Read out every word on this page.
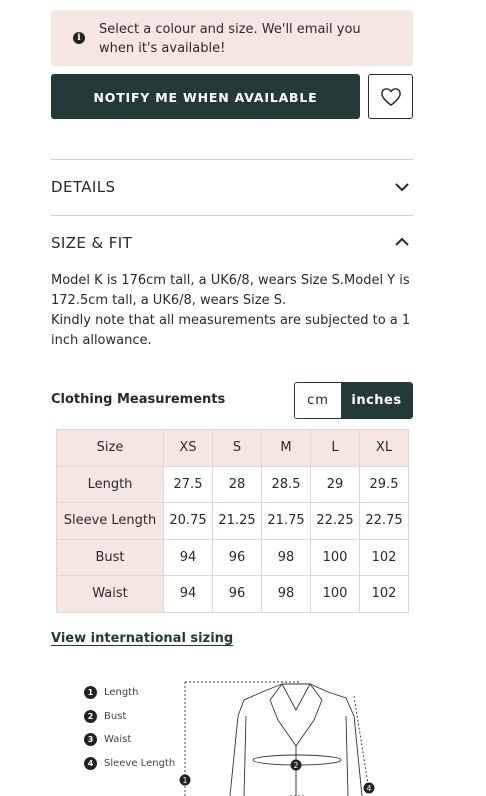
i
Select a colour and size. We'll email you when it's available!
NOTIFY ME WHEN AVAILABLE
DETAILS
SIZE & FIT
Model K is 176cm tall, a UK6/8, wears Size S.Model Y is 172.5cm tall, a UK6/8, wears Size S.
Kindly note that all measurements are subjected to a 1 inch allowance.
Clothing Measurements	cm	inches
Size	XS	S	M	L	XL
Length	27.5	28	28.5	29	29.5
Sleeve Length	20.75	21.25	21.75	22.25	22.75
Bust	94	96	98	100	102
Waist	94	96	98	100	102
View international sizing
1	Length
2	Bust
3	Waist
4	Sleeve Length
1
2
4
